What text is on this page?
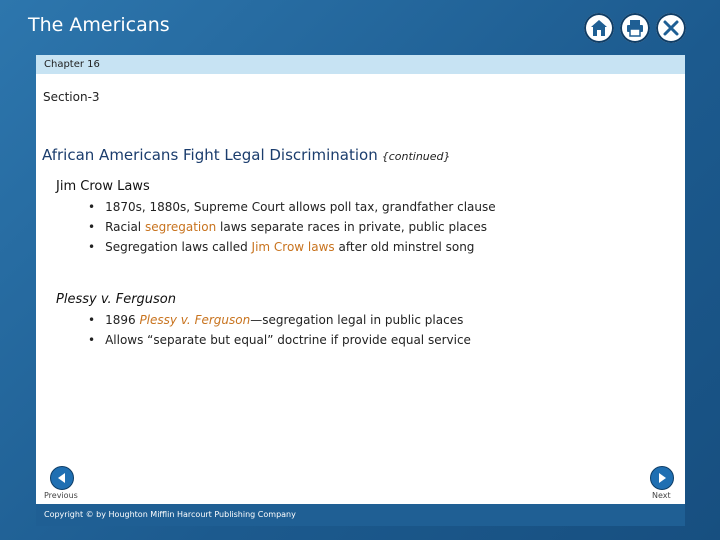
The Americans
Chapter 16
Section-3
African Americans Fight Legal Discrimination {continued}
Jim Crow Laws
• 1870s, 1880s, Supreme Court allows poll tax, grandfather clause
• Racial segregation laws separate races in private, public places
• Segregation laws called Jim Crow laws after old minstrel song
Plessy v. Ferguson
• 1896 Plessy v. Ferguson—segregation legal in public places
• Allows “separate but equal” doctrine if provide equal service
Previous	Next
Copyright © by Houghton Mifflin Harcourt Publishing Company
